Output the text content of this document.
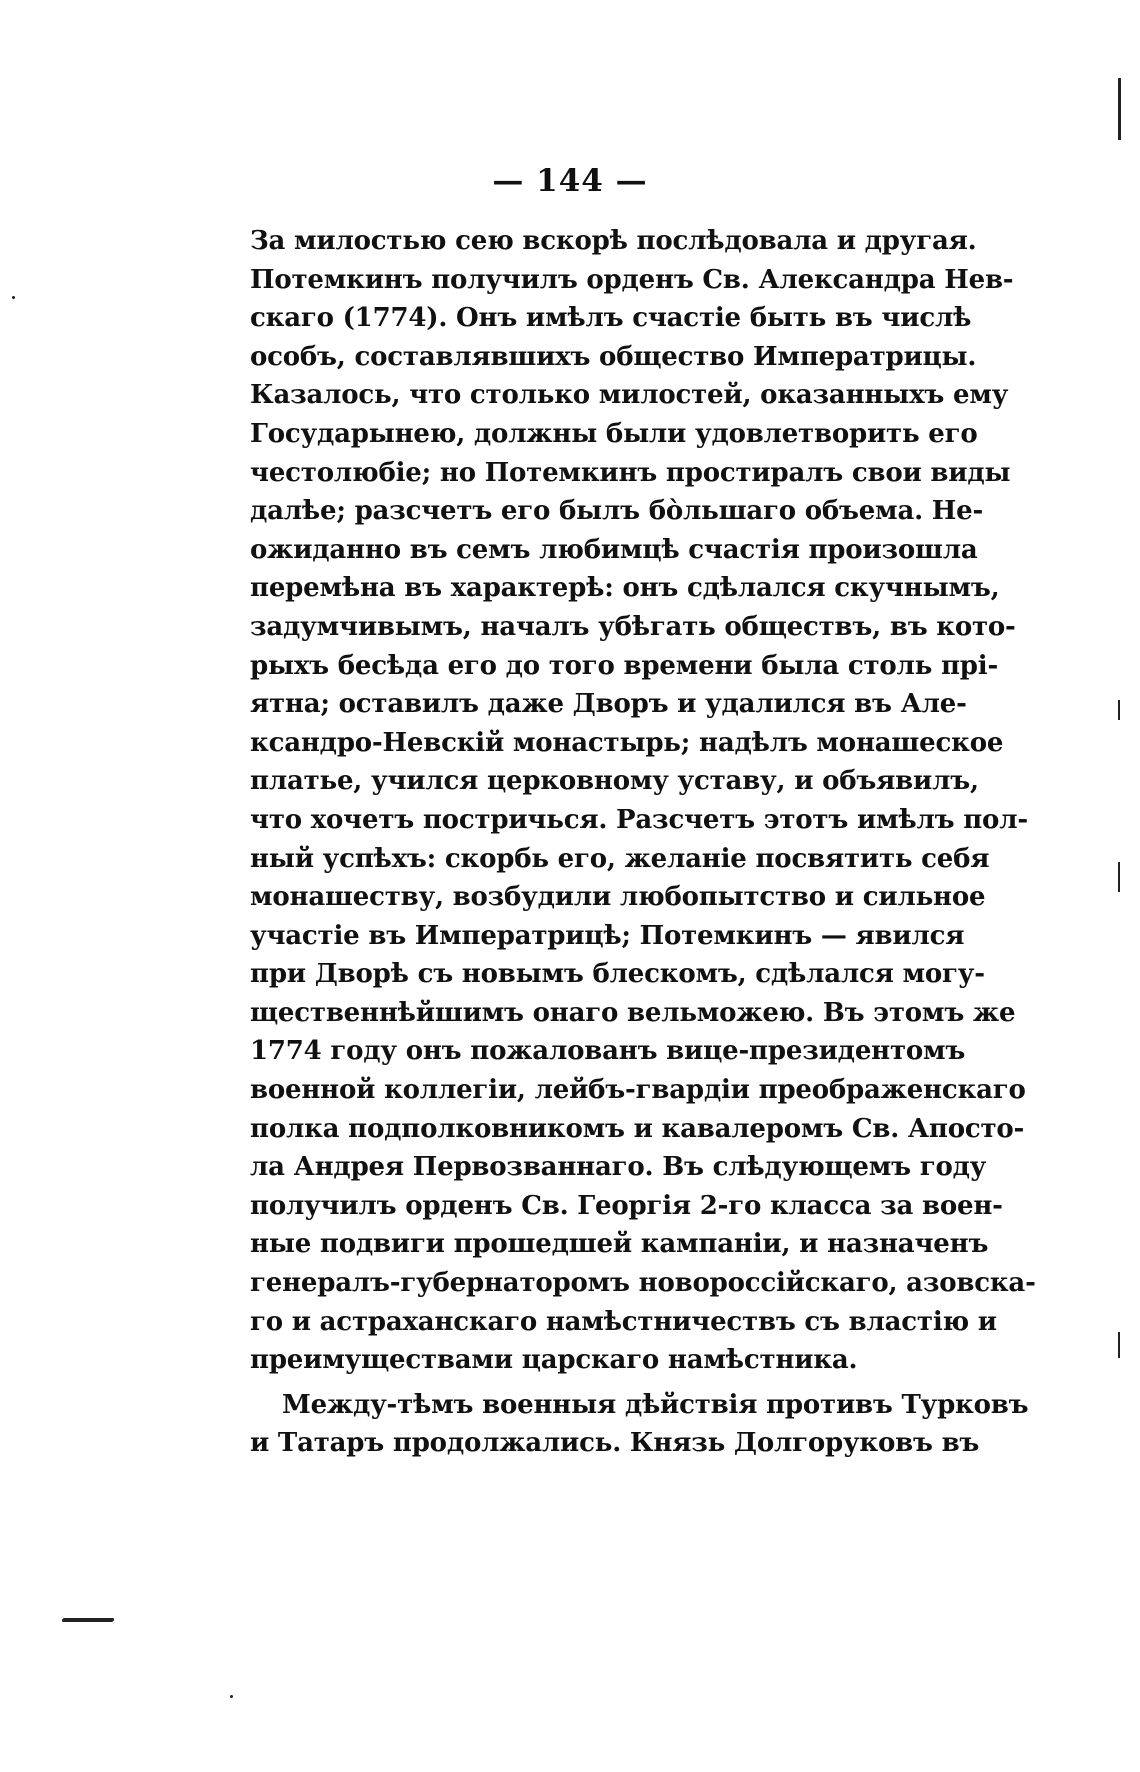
— 144 —
За милостью сею вскорѣ послѣдовала и другая.
Потемкинъ получилъ орденъ Св. Александра Нев-
скаго (1774). Онъ имѣлъ счастіе быть въ числѣ
особъ, составлявшихъ общество Императрицы.
Казалось, что столько милостей, оказанныхъ ему
Государынею, должны были удовлетворить его
честолюбіе; но Потемкинъ простиралъ свои виды
далѣе; разсчетъ его былъ бо̀льшаго объема. Не-
ожиданно въ семъ любимцѣ счастія произошла
перемѣна въ характерѣ: онъ сдѣлался скучнымъ,
задумчивымъ, началъ убѣгать обществъ, въ кото-
рыхъ бесѣда его до того времени была столь прі-
ятна; оставилъ даже Дворъ и удалился въ Але-
ксандро-Невскій монастырь; надѣлъ монашеское
платье, учился церковному уставу, и объявилъ,
что хочетъ постричься. Разсчетъ этотъ имѣлъ пол-
ный успѣхъ: скорбь его, желаніе посвятить себя
монашеству, возбудили любопытство и сильное
участіе въ Императрицѣ; Потемкинъ — явился
при Дворѣ съ новымъ блескомъ, сдѣлался могу-
щественнѣйшимъ онаго вельможею. Въ этомъ же
1774 году онъ пожалованъ вице-президентомъ
военной коллегіи, лейбъ-гвардіи преображенскаго
полка подполковникомъ и кавалеромъ Св. Апосто-
ла Андрея Первозваннаго. Въ слѣдующемъ году
получилъ орденъ Св. Георгія 2-го класса за воен-
ные подвиги прошедшей кампаніи, и назначенъ
генералъ-губернаторомъ новороссійскаго, азовска-
го и астраханскаго намѣстничествъ съ властію и
преимуществами царскаго намѣстника.
Между-тѣмъ военныя дѣйствія противъ Турковъ
и Татаръ продолжались. Князь Долгоруковъ въ
